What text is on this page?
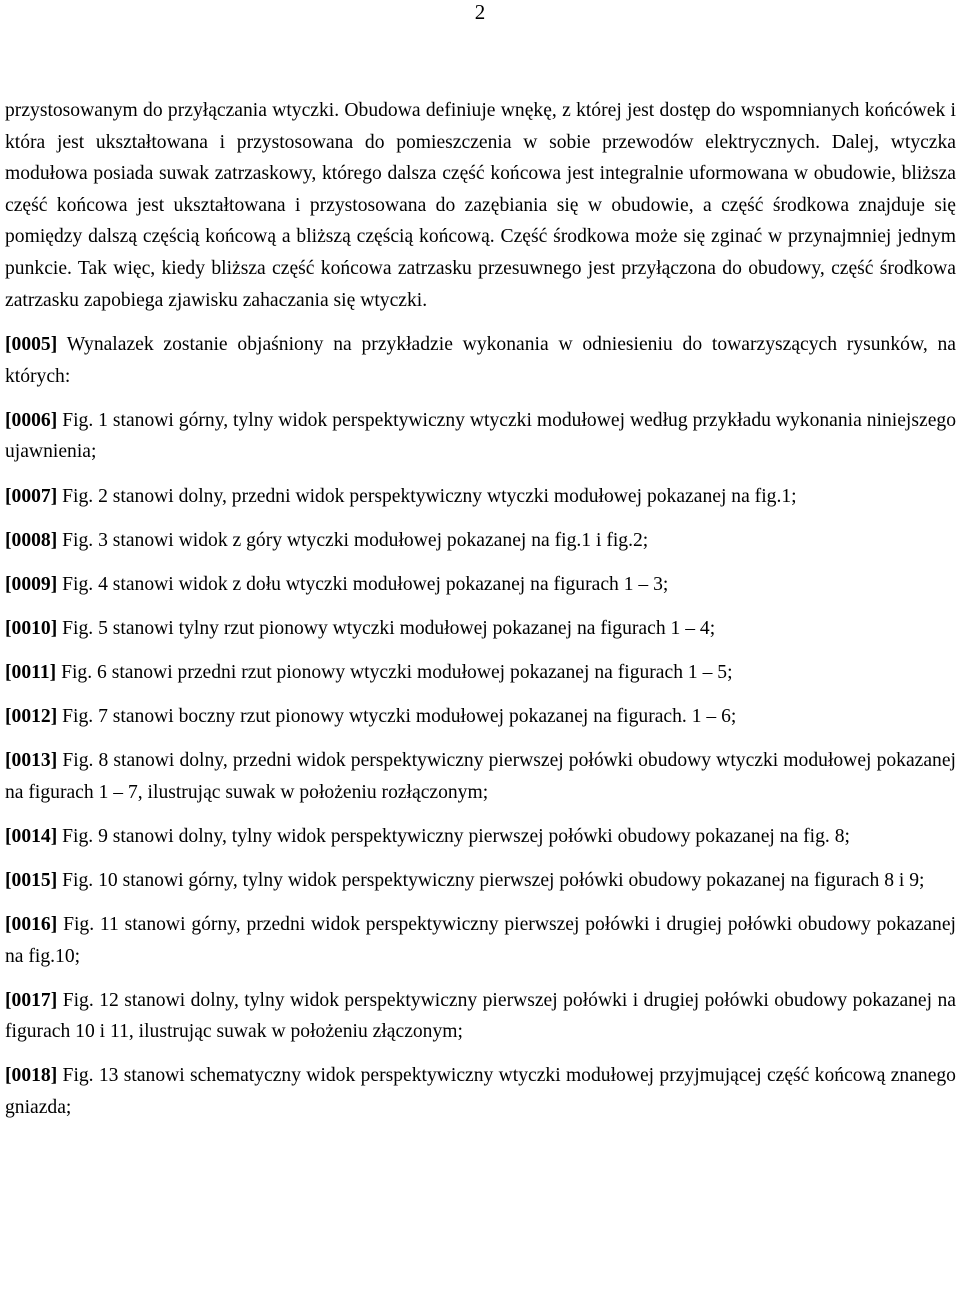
2

przystosowanym do przyłączania wtyczki. Obudowa definiuje wnękę, z której jest dostęp do wspomnianych końcówek i która jest ukształtowana i przystosowana do pomieszczenia w sobie przewodów elektrycznych. Dalej, wtyczka modułowa posiada suwak zatrzaskowy, którego dalsza część końcowa jest integralnie uformowana w obudowie, bliższa część końcowa jest ukształtowana i przystosowana do zazębiania się w obudowie, a część środkowa znajduje się pomiędzy dalszą częścią końcową a bliższą częścią końcową. Część środkowa może się zginać w przynajmniej jednym punkcie. Tak więc, kiedy bliższa część końcowa zatrzasku przesuwnego jest przyłączona do obudowy, część środkowa zatrzasku zapobiega zjawisku zahaczania się wtyczki.

[0005] Wynalazek zostanie objaśniony na przykładzie wykonania w odniesieniu do towarzyszących rysunków, na których:

[0006] Fig. 1 stanowi górny, tylny widok perspektywiczny wtyczki modułowej według przykładu wykonania niniejszego ujawnienia;

[0007] Fig. 2 stanowi dolny, przedni widok perspektywiczny wtyczki modułowej pokazanej na fig.1;

[0008] Fig. 3 stanowi widok z góry wtyczki modułowej pokazanej na fig.1 i fig.2;

[0009] Fig. 4 stanowi widok z dołu wtyczki modułowej pokazanej na figurach 1 – 3;

[0010] Fig. 5 stanowi tylny rzut pionowy wtyczki modułowej pokazanej na figurach 1 – 4;

[0011] Fig. 6 stanowi przedni rzut pionowy wtyczki modułowej pokazanej na figurach 1 – 5;

[0012] Fig. 7 stanowi boczny rzut pionowy wtyczki modułowej pokazanej na figurach. 1 – 6;

[0013] Fig. 8 stanowi dolny, przedni widok perspektywiczny pierwszej połówki obudowy wtyczki modułowej pokazanej na figurach 1 – 7, ilustrując suwak w położeniu rozłączonym;

[0014] Fig. 9 stanowi dolny, tylny widok perspektywiczny pierwszej połówki obudowy pokazanej na fig. 8;

[0015] Fig. 10 stanowi górny, tylny widok perspektywiczny pierwszej połówki obudowy pokazanej na figurach 8 i 9;

[0016] Fig. 11 stanowi górny, przedni widok perspektywiczny pierwszej połówki i drugiej połówki obudowy pokazanej na fig.10;

[0017] Fig. 12 stanowi dolny, tylny widok perspektywiczny pierwszej połówki i drugiej połówki obudowy pokazanej na figurach 10 i 11, ilustrując suwak w położeniu złączonym;

[0018] Fig. 13 stanowi schematyczny widok perspektywiczny wtyczki modułowej przyjmującej część końcową znanego gniazda;
